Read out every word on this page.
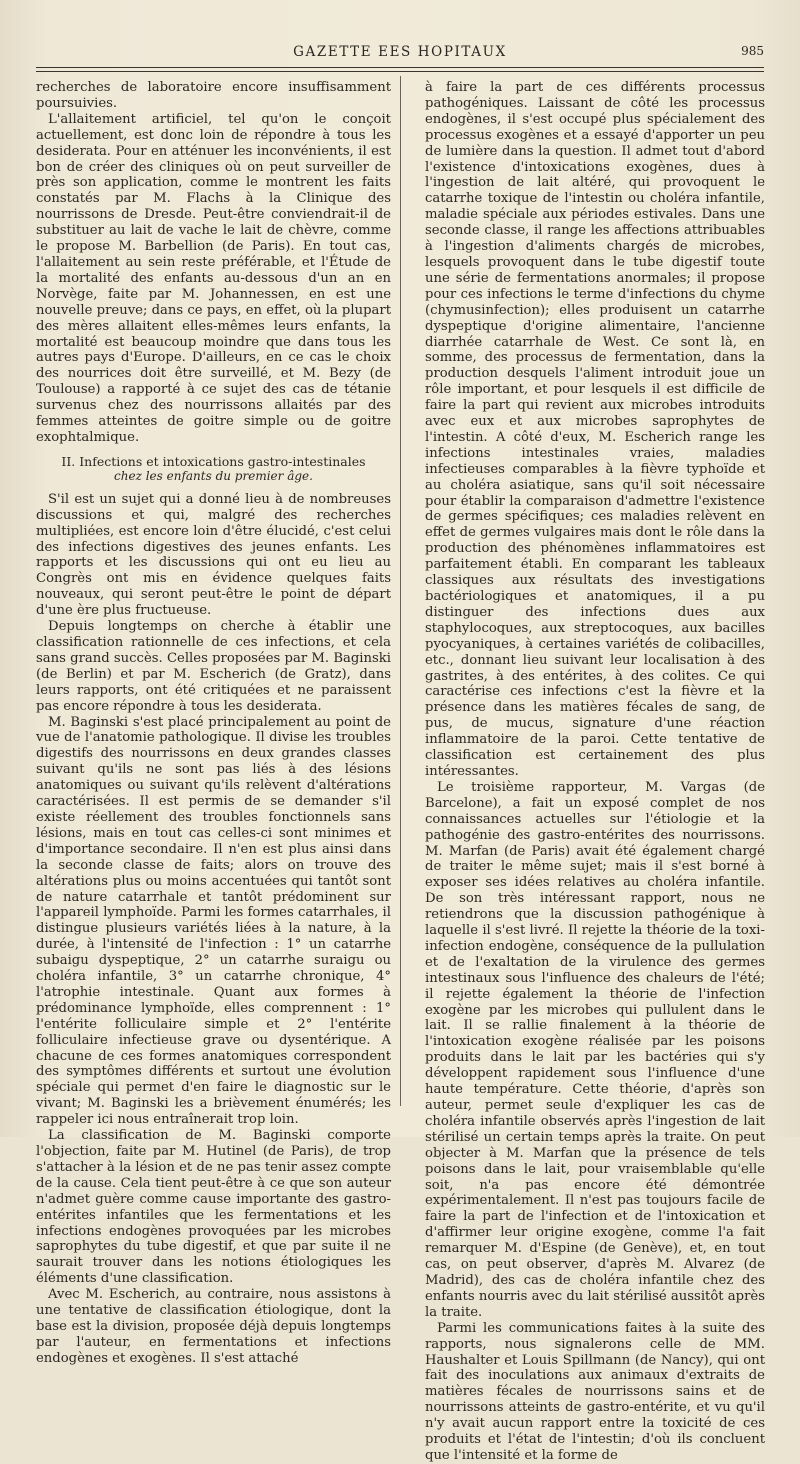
GAZETTE EES HOPITAUX	985

recherches de laboratoire encore insuffisamment poursuivies.

L'allaitement artificiel, tel qu'on le conçoit actuellement, est donc loin de répondre à tous les desiderata. Pour en atténuer les inconvénients, il est bon de créer des cliniques où on peut surveiller de près son application, comme le montrent les faits constatés par M. Flachs à la Clinique des nourrissons de Dresde. Peut-être conviendrait-il de substituer au lait de vache le lait de chèvre, comme le propose M. Barbellion (de Paris). En tout cas, l'allaitement au sein reste préférable, et l'Étude de la mortalité des enfants au-dessous d'un an en Norvège, faite par M. Johannessen, en est une nouvelle preuve; dans ce pays, en effet, où la plupart des mères allaitent elles-mêmes leurs enfants, la mortalité est beaucoup moindre que dans tous les autres pays d'Europe. D'ailleurs, en ce cas le choix des nourrices doit être surveillé, et M. Bezy (de Toulouse) a rapporté à ce sujet des cas de tétanie survenus chez des nourrissons allaités par des femmes atteintes de goitre simple ou de goitre exophtalmique.

II. Infections et intoxications gastro-intestinales
chez les enfants du premier âge.

S'il est un sujet qui a donné lieu à de nombreuses discussions et qui, malgré des recherches multipliées, est encore loin d'être élucidé, c'est celui des infections digestives des jeunes enfants. Les rapports et les discussions qui ont eu lieu au Congrès ont mis en évidence quelques faits nouveaux, qui seront peut-être le point de départ d'une ère plus fructueuse.

Depuis longtemps on cherche à établir une classification rationnelle de ces infections, et cela sans grand succès. Celles proposées par M. Baginski (de Berlin) et par M. Escherich (de Gratz), dans leurs rapports, ont été critiquées et ne paraissent pas encore répondre à tous les desiderata.

M. Baginski s'est placé principalement au point de vue de l'anatomie pathologique. Il divise les troubles digestifs des nourrissons en deux grandes classes suivant qu'ils ne sont pas liés à des lésions anatomiques ou suivant qu'ils relèvent d'altérations caractérisées. Il est permis de se demander s'il existe réellement des troubles fonctionnels sans lésions, mais en tout cas celles-ci sont minimes et d'importance secondaire. Il n'en est plus ainsi dans la seconde classe de faits; alors on trouve des altérations plus ou moins accentuées qui tantôt sont de nature catarrhale et tantôt prédominent sur l'appareil lymphoïde. Parmi les formes catarrhales, il distingue plusieurs variétés liées à la nature, à la durée, à l'intensité de l'infection : 1° un catarrhe subaigu dyspeptique, 2° un catarrhe suraigu ou choléra infantile, 3° un catarrhe chronique, 4° l'atrophie intestinale. Quant aux formes à prédominance lymphoïde, elles comprennent : 1° l'entérite folliculaire simple et 2° l'entérite folliculaire infectieuse grave ou dysentérique. A chacune de ces formes anatomiques correspondent des symptômes différents et surtout une évolution spéciale qui permet d'en faire le diagnostic sur le vivant; M. Baginski les a brièvement énumérés; les rappeler ici nous entraînerait trop loin.

La classification de M. Baginski comporte l'objection, faite par M. Hutinel (de Paris), de trop s'attacher à la lésion et de ne pas tenir assez compte de la cause. Cela tient peut-être à ce que son auteur n'admet guère comme cause importante des gastro-entérites infantiles que les fermentations et les infections endogènes provoquées par les microbes saprophytes du tube digestif, et que par suite il ne saurait trouver dans les notions étiologiques les éléments d'une classification.

Avec M. Escherich, au contraire, nous assistons à une tentative de classification étiologique, dont la base est la division, proposée déjà depuis longtemps par l'auteur, en fermentations et infections endogènes et exogènes. Il s'est attaché

à faire la part de ces différents processus pathogéniques. Laissant de côté les processus endogènes, il s'est occupé plus spécialement des processus exogènes et a essayé d'apporter un peu de lumière dans la question. Il admet tout d'abord l'existence d'intoxications exogènes, dues à l'ingestion de lait altéré, qui provoquent le catarrhe toxique de l'intestin ou choléra infantile, maladie spéciale aux périodes estivales. Dans une seconde classe, il range les affections attribuables à l'ingestion d'aliments chargés de microbes, lesquels provoquent dans le tube digestif toute une série de fermentations anormales; il propose pour ces infections le terme d'infections du chyme (chymusinfection); elles produisent un catarrhe dyspeptique d'origine alimentaire, l'ancienne diarrhée catarrhale de West. Ce sont là, en somme, des processus de fermentation, dans la production desquels l'aliment introduit joue un rôle important, et pour lesquels il est difficile de faire la part qui revient aux microbes introduits avec eux et aux microbes saprophytes de l'intestin. A côté d'eux, M. Escherich range les infections intestinales vraies, maladies infectieuses comparables à la fièvre typhoïde et au choléra asiatique, sans qu'il soit nécessaire pour établir la comparaison d'admettre l'existence de germes spécifiques; ces maladies relèvent en effet de germes vulgaires mais dont le rôle dans la production des phénomènes inflammatoires est parfaitement établi. En comparant les tableaux classiques aux résultats des investigations bactériologiques et anatomiques, il a pu distinguer des infections dues aux staphylocoques, aux streptocoques, aux bacilles pyocyaniques, à certaines variétés de colibacilles, etc., donnant lieu suivant leur localisation à des gastrites, à des entérites, à des colites. Ce qui caractérise ces infections c'est la fièvre et la présence dans les matières fécales de sang, de pus, de mucus, signature d'une réaction inflammatoire de la paroi. Cette tentative de classification est certainement des plus intéressantes.

Le troisième rapporteur, M. Vargas (de Barcelone), a fait un exposé complet de nos connaissances actuelles sur l'étiologie et la pathogénie des gastro-entérites des nourrissons. M. Marfan (de Paris) avait été également chargé de traiter le même sujet; mais il s'est borné à exposer ses idées relatives au choléra infantile. De son très intéressant rapport, nous ne retiendrons que la discussion pathogénique à laquelle il s'est livré. Il rejette la théorie de la toxi-infection endogène, conséquence de la pullulation et de l'exaltation de la virulence des germes intestinaux sous l'influence des chaleurs de l'été; il rejette également la théorie de l'infection exogène par les microbes qui pullulent dans le lait. Il se rallie finalement à la théorie de l'intoxication exogène réalisée par les poisons produits dans le lait par les bactéries qui s'y développent rapidement sous l'influence d'une haute température. Cette théorie, d'après son auteur, permet seule d'expliquer les cas de choléra infantile observés après l'ingestion de lait stérilisé un certain temps après la traite. On peut objecter à M. Marfan que la présence de tels poisons dans le lait, pour vraisemblable qu'elle soit, n'a pas encore été démontrée expérimentalement. Il n'est pas toujours facile de faire la part de l'infection et de l'intoxication et d'affirmer leur origine exogène, comme l'a fait remarquer M. d'Espine (de Genève), et, en tout cas, on peut observer, d'après M. Alvarez (de Madrid), des cas de choléra infantile chez des enfants nourris avec du lait stérilisé aussitôt après la traite.

Parmi les communications faites à la suite des rapports, nous signalerons celle de MM. Haushalter et Louis Spillmann (de Nancy), qui ont fait des inoculations aux animaux d'extraits de matières fécales de nourrissons sains et de nourrissons atteints de gastro-entérite, et vu qu'il n'y avait aucun rapport entre la toxicité de ces produits et l'état de l'intestin; d'où ils concluent que l'intensité et la forme de
